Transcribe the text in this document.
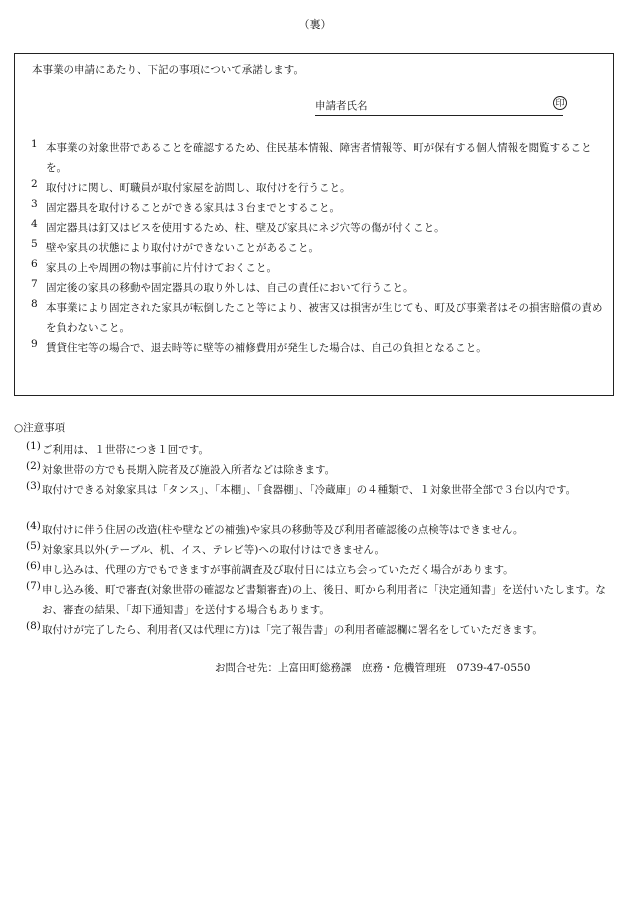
（裏）
本事業の申請にあたり、下記の事項について承諾します。
申請者氏名	印
1 本事業の対象世帯であることを確認するため、住民基本情報、障害者情報等、町が保有する個人情報を閲覧することを。
2 取付けに関し、町職員が取付家屋を訪問し、取付けを行うこと。
3 固定器具を取付けることができる家具は３台までとすること。
4 固定器具は釘又はビスを使用するため、柱、壁及び家具にネジ穴等の傷が付くこと。
5 壁や家具の状態により取付けができないことがあること。
6 家具の上や周囲の物は事前に片付けておくこと。
7 固定後の家具の移動や固定器具の取り外しは、自己の責任において行うこと。
8 本事業により固定された家具が転倒したこと等により、被害又は損害が生じても、町及び事業者はその損害賠償の責めを負わないこと。
9 賃貸住宅等の場合で、退去時等に壁等の補修費用が発生した場合は、自己の負担となること。
○注意事項
(1) ご利用は、１世帯につき１回です。
(2) 対象世帯の方でも長期入院者及び施設入所者などは除きます。
(3) 取付けできる対象家具は「タンス」、「本棚」、「食器棚」、「冷蔵庫」の４種類で、１対象世帯全部で３台以内です。
(4) 取付けに伴う住居の改造(柱や壁などの補強)や家具の移動等及び利用者確認後の点検等はできません。
(5) 対象家具以外(テーブル、机、イス、テレビ等)への取付けはできません。
(6) 申し込みは、代理の方でもできますが事前調査及び取付日には立ち会っていただく場合があります。
(7) 申し込み後、町で審査(対象世帯の確認など書類審査)の上、後日、町から利用者に「決定通知書」を送付いたします。なお、審査の結果、「却下通知書」を送付する場合もあります。
(8) 取付けが完了したら、利用者(又は代理に方)は「完了報告書」の利用者確認欄に署名をしていただきます。
お問合せ先：上富田町総務課　庶務・危機管理班　0739-47-0550
